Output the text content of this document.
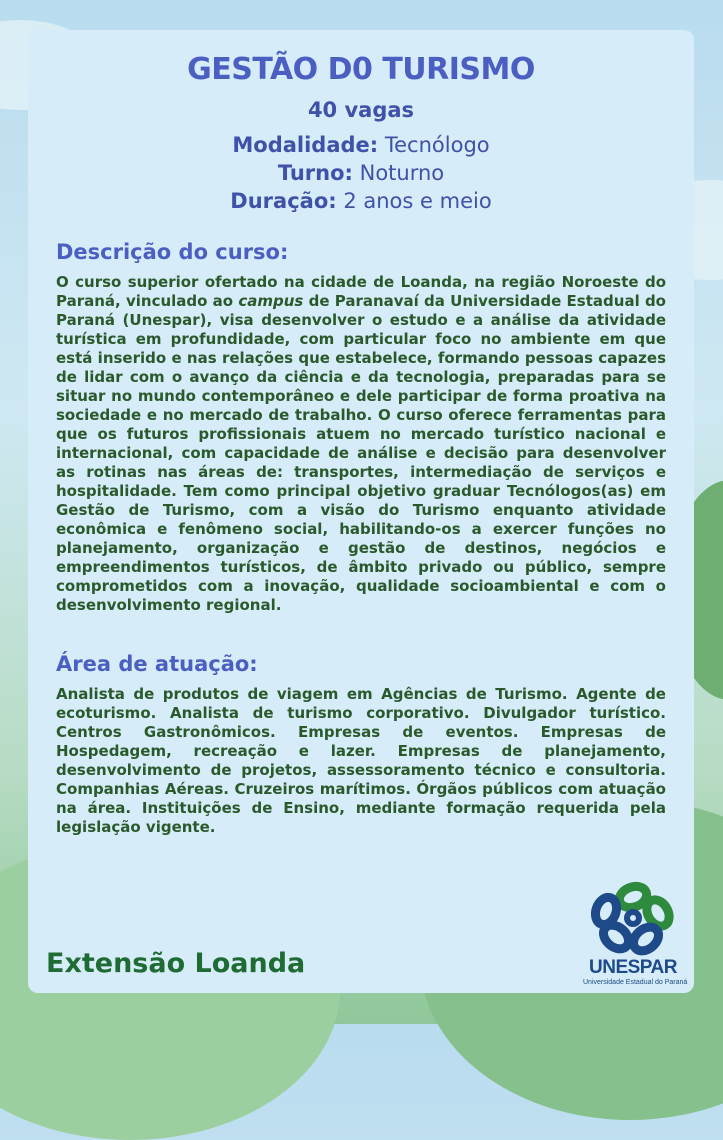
GESTÃO D0 TURISMO
40 vagas
Modalidade: Tecnólogo
Turno: Noturno
Duração: 2 anos e meio
Descrição do curso:

O curso superior ofertado na cidade de Loanda, na região Noroeste do Paraná, vinculado ao campus de Paranavaí da Universidade Estadual do Paraná (Unespar), visa desenvolver o estudo e a análise da atividade turística em profundidade, com particular foco no ambiente em que está inserido e nas relações que estabelece, formando pessoas capazes de lidar com o avanço da ciência e da tecnologia, preparadas para se situar no mundo contemporâneo e dele participar de forma proativa na sociedade e no mercado de trabalho. O curso oferece ferramentas para que os futuros profissionais atuem no mercado turístico nacional e internacional, com capacidade de análise e decisão para desenvolver as rotinas nas áreas de: transportes, intermediação de serviços e hospitalidade. Tem como principal objetivo graduar Tecnólogos(as) em Gestão de Turismo, com a visão do Turismo enquanto atividade econômica e fenômeno social, habilitando-os a exercer funções no planejamento, organização e gestão de destinos, negócios e empreendimentos turísticos, de âmbito privado ou público, sempre comprometidos com a inovação, qualidade socioambiental e com o desenvolvimento regional.

Área de atuação:

Analista de produtos de viagem em Agências de Turismo. Agente de ecoturismo. Analista de turismo corporativo. Divulgador turístico. Centros Gastronômicos. Empresas de eventos. Empresas de Hospedagem, recreação e lazer. Empresas de planejamento, desenvolvimento de projetos, assessoramento técnico e consultoria. Companhias Aéreas. Cruzeiros marítimos. Órgãos públicos com atuação na área. Instituições de Ensino, mediante formação requerida pela legislação vigente.

Extensão Loanda	UNESPAR
Universidade Estadual do Paraná
